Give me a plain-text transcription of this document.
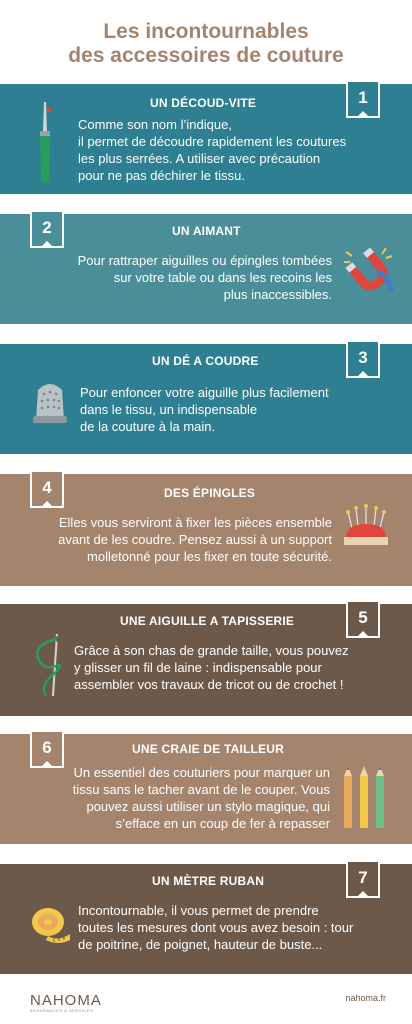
Les incontournables
des accessoires de couture
1
UN DÉCOUD-VITE
Comme son nom l’indique,
il permet de découdre rapidement les coutures
les plus serrées. A utiliser avec précaution
pour ne pas déchirer le tissu.
2	UN AIMANT
Pour rattraper aiguilles ou épingles tombées
sur votre table ou dans les recoins les
plus inaccessibles.
3
UN DÉ A COUDRE
Pour enfoncer votre aiguille plus facilement
dans le tissu, un indispensable
de la couture à la main.
4	DES ÉPINGLES
Elles vous serviront à fixer les pièces ensemble
avant de les coudre. Pensez aussi à un support
molletonné pour les fixer en toute sécurité.
5
UNE AIGUILLE A TAPISSERIE
Grâce à son chas de grande taille, vous pouvez
y glisser un fil de laine : indispensable pour
assembler vos travaux de tricot ou de crochet !
6	UNE CRAIE DE TAILLEUR
Un essentiel des couturiers pour marquer un
tissu sans le tacher avant de le couper. Vous
pouvez aussi utiliser un stylo magique, qui
s’efface en un coup de fer à repasser
7
UN MÈTRE RUBAN
Incontournable, il vous permet de prendre
toutes les mesures dont vous avez besoin : tour
de poitrine, de poignet, hauteur de buste...
NAHOMA
ASSURANCES & SERVICES
nahoma.fr
